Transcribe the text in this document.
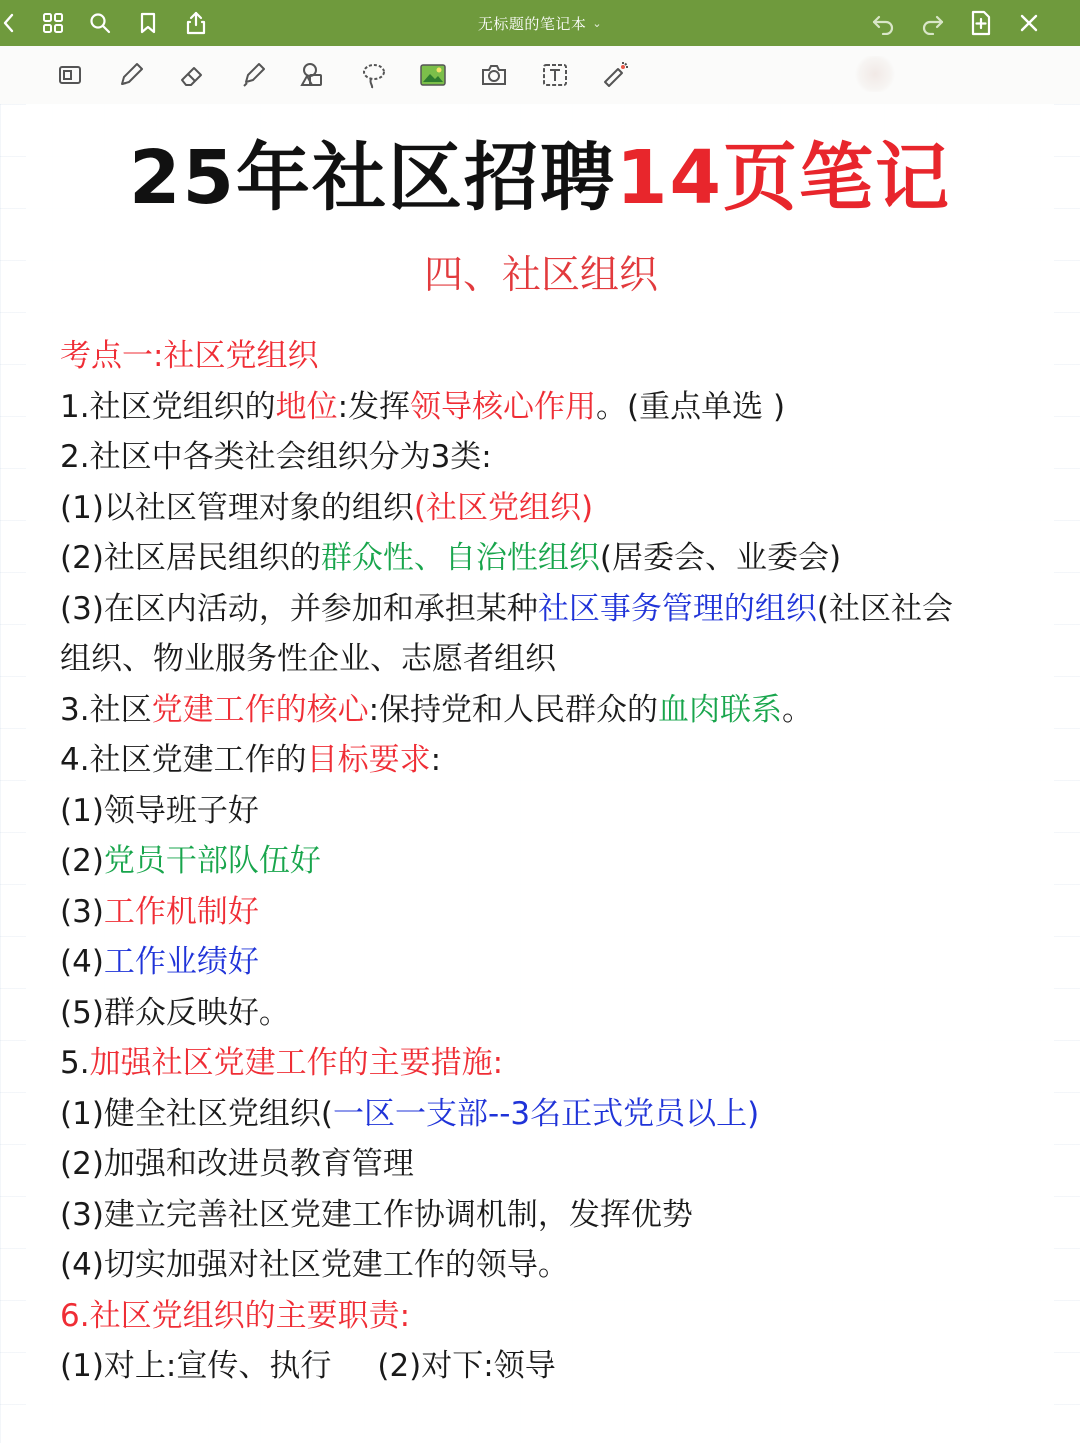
无标题的笔记本 ⌄
25年社区招聘14页笔记
四、社区组织
考点一:社区党组织
1.社区党组织的地位:发挥领导核心作用。(重点单选 )
2.社区中各类社会组织分为3类:
(1)以社区管理对象的组织(社区党组织)
(2)社区居民组织的群众性、自治性组织(居委会、业委会)
(3)在区内活动，并参加和承担某种社区事务管理的组织(社区社会
组织、物业服务性企业、志愿者组织
3.社区党建工作的核心:保持党和人民群众的血肉联系。
4.社区党建工作的目标要求:
(1)领导班子好
(2)党员干部队伍好
(3)工作机制好
(4)工作业绩好
(5)群众反映好。
5.加强社区党建工作的主要措施:
(1)健全社区党组织(一区一支部--3名正式党员以上)
(2)加强和改进员教育管理
(3)建立完善社区党建工作协调机制，发挥优势
(4)切实加强对社区党建工作的领导。
6.社区党组织的主要职责:
(1)对上:宣传、执行 (2)对下:领导
